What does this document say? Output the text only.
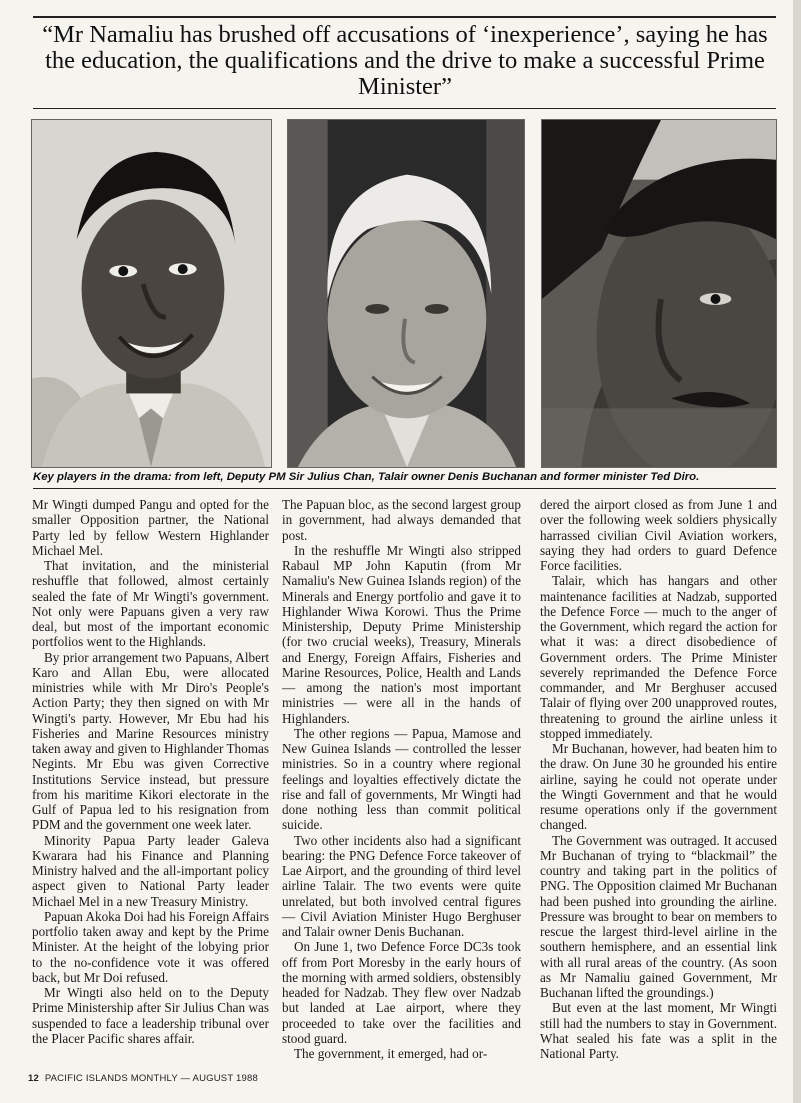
“Mr Namaliu has brushed off accusations of ‘inexperience’, saying he has the education, the qualifications and the drive to make a successful Prime Minister”
Key players in the drama: from left, Deputy PM Sir Julius Chan, Talair owner Denis Buchanan and former minister Ted Diro.

Mr Wingti dumped Pangu and opted for the smaller Opposition partner, the National Party led by fellow Western Highlander Michael Mel.

That invitation, and the ministerial reshuffle that followed, almost certainly sealed the fate of Mr Wingti's government. Not only were Papuans given a very raw deal, but most of the important economic portfolios went to the Highlands.

By prior arrangement two Papuans, Albert Karo and Allan Ebu, were allocated ministries while with Mr Diro's People's Action Party; they then signed on with Mr Wingti's party. However, Mr Ebu had his Fisheries and Marine Resources ministry taken away and given to Highlander Thomas Negints. Mr Ebu was given Corrective Institutions Service instead, but pressure from his maritime Kikori electorate in the Gulf of Papua led to his resignation from PDM and the government one week later.

Minority Papua Party leader Galeva Kwarara had his Finance and Planning Ministry halved and the all-important policy aspect given to National Party leader Michael Mel in a new Treasury Ministry.

Papuan Akoka Doi had his Foreign Affairs portfolio taken away and kept by the Prime Minister. At the height of the lobying prior to the no-confidence vote it was offered back, but Mr Doi refused.

Mr Wingti also held on to the Deputy Prime Ministership after Sir Julius Chan was suspended to face a leadership tribunal over the Placer Pacific shares affair.

The Papuan bloc, as the second largest group in government, had always demanded that post.

In the reshuffle Mr Wingti also stripped Rabaul MP John Kaputin (from Mr Namaliu's New Guinea Islands region) of the Minerals and Energy portfolio and gave it to Highlander Wiwa Korowi. Thus the Prime Ministership, Deputy Prime Ministership (for two crucial weeks), Treasury, Minerals and Energy, Foreign Affairs, Fisheries and Marine Resources, Police, Health and Lands — among the nation's most important ministries — were all in the hands of Highlanders.

The other regions — Papua, Mamose and New Guinea Islands — controlled the lesser ministries. So in a country where regional feelings and loyalties effectively dictate the rise and fall of governments, Mr Wingti had done nothing less than commit political suicide.

Two other incidents also had a significant bearing: the PNG Defence Force takeover of Lae Airport, and the grounding of third level airline Talair. The two events were quite unrelated, but both involved central figures — Civil Aviation Minister Hugo Berghuser and Talair owner Denis Buchanan.

On June 1, two Defence Force DC3s took off from Port Moresby in the early hours of the morning with armed soldiers, obstensibly headed for Nadzab. They flew over Nadzab but landed at Lae airport, where they proceeded to take over the facilities and stood guard.

The government, it emerged, had or-

dered the airport closed as from June 1 and over the following week soldiers physically harrassed civilian Civil Aviation workers, saying they had orders to guard Defence Force facilities.

Talair, which has hangars and other maintenance facilities at Nadzab, supported the Defence Force — much to the anger of the Government, which regard the action for what it was: a direct disobedience of Government orders. The Prime Minister severely reprimanded the Defence Force commander, and Mr Berghuser accused Talair of flying over 200 unapproved routes, threatening to ground the airline unless it stopped immediately.

Mr Buchanan, however, had beaten him to the draw. On June 30 he grounded his entire airline, saying he could not operate under the Wingti Government and that he would resume operations only if the government changed.

The Government was outraged. It accused Mr Buchanan of trying to “blackmail” the country and taking part in the politics of PNG. The Opposition claimed Mr Buchanan had been pushed into grounding the airline. Pressure was brought to bear on members to rescue the largest third-level airline in the southern hemisphere, and an essential link with all rural areas of the country. (As soon as Mr Namaliu gained Government, Mr Buchanan lifted the groundings.)

But even at the last moment, Mr Wingti still had the numbers to stay in Government. What sealed his fate was a split in the National Party.

12 PACIFIC ISLANDS MONTHLY — AUGUST 1988
